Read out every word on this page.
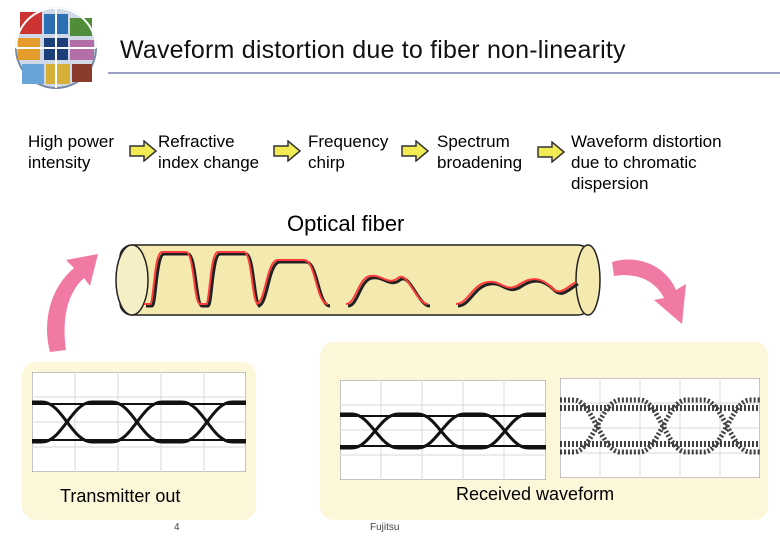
Waveform distortion due to fiber non-linearity
High power
intensity
Refractive
index change
Frequency
chirp
Spectrum
broadening
Waveform distortion
due to chromatic
dispersion
Optical fiber
Transmitter out	Received waveform
4	Fujitsu
